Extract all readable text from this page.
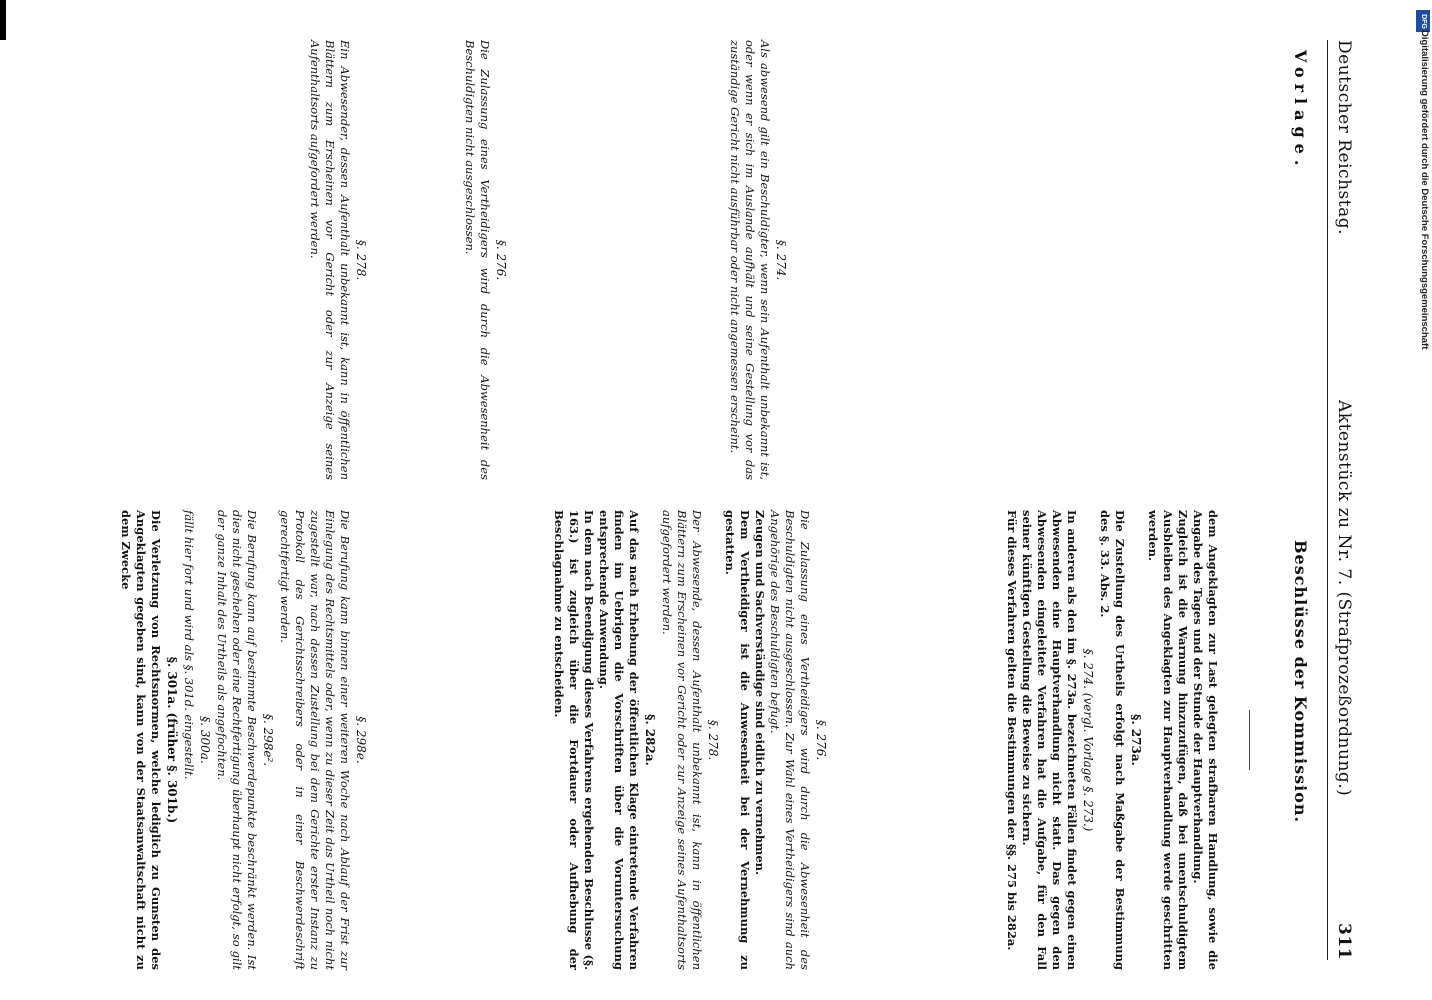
Deutscher Reichstag.
Aktenstück zu Nr. 7. (Strafprozeßordnung.)
311
Vorlage.
Beschlüsse der Kommission.
§. 274.

Als abwesend gilt ein Beschuldigter, wenn sein Aufenthalt unbekannt ist, oder wenn er sich im Auslande aufhält und seine Gestellung vor das zuständige Gericht nicht ausführbar oder nicht angemessen erscheint.

§. 276.

Die Zulassung eines Vertheidigers wird durch die Abwesenheit des Beschuldigten nicht ausgeschlossen.

§. 278.

Ein Abwesender, dessen Aufenthalt unbekannt ist, kann in öffentlichen Blättern zum Erscheinen vor Gericht oder zur Anzeige seines Aufenthaltsorts aufgefordert werden.

dem Angeklagten zur Last gelegten strafbaren Handlung, sowie die Angabe des Tages und der Stunde der Hauptverhandlung.

Zugleich ist die Warnung hinzuzufügen, daß bei unentschuldigtem Ausbleiben des Angeklagten zur Hauptverhandlung werde geschritten werden.

§. 273a.

Die Zustellung des Urtheils erfolgt nach Maßgabe der Bestimmung des §. 33. Abs. 2.

§. 274. (vergl. Vorlage §. 273.)

In anderen als den im §. 273a. bezeichneten Fällen findet gegen einen Abwesenden eine Hauptverhandlung nicht statt. Das gegen den Abwesenden eingeleitete Verfahren hat die Aufgabe, für den Fall seiner künftigen Gestellung die Beweise zu sichern.

Für dieses Verfahren gelten die Bestimmungen der §§. 275 bis 282a.

§. 276.

Die Zulassung eines Vertheidigers wird durch die Abwesenheit des Beschuldigten nicht ausgeschlossen. Zur Wahl eines Vertheidigers sind auch Angehörige des Beschuldigten befugt.

Zeugen und Sachverständige sind eidlich zu vernehmen.

Dem Vertheidiger ist die Anwesenheit bei der Vernehmung zu gestatten.

§. 278.

Der Abwesende, dessen Aufenthalt unbekannt ist, kann in öffentlichen Blättern zum Erscheinen vor Gericht oder zur Anzeige seines Aufenthaltsorts aufgefordert werden.

§. 282a.

Auf das nach Erhebung der öffentlichen Klage eintretende Verfahren finden im Uebrigen die Vorschriften über die Voruntersuchung entsprechende Anwendung.

In dem nach Beendigung dieses Verfahrens ergehenden Beschlusse (§. 163.) ist zugleich über die Fortdauer oder Aufhebung der Beschlagnahme zu entscheiden.

§. 298e.

Die Berufung kann binnen einer weiteren Woche nach Ablauf der Frist zur Einlegung des Rechtsmittels oder, wenn zu dieser Zeit das Urtheil noch nicht zugestellt war, nach dessen Zustellung bei dem Gerichte erster Instanz zu Protokoll des Gerichtsschreibers oder in einer Beschwerdeschrift gerechtfertigt werden.

§. 298e².

Die Berufung kann auf bestimmte Beschwerdepunkte beschränkt werden. Ist dies nicht geschehen oder eine Rechtfertigung überhaupt nicht erfolgt, so gilt der ganze Inhalt des Urtheils als angefochten.

§. 300a.

fällt hier fort und wird als §. 301d. eingestellt.

§. 301a. (früher §. 301b.)

Die Verletzung von Rechtsnormen, welche lediglich zu Gunsten des Angeklagten gegeben sind, kann von der Staatsanwaltschaft nicht zu dem Zwecke

DFG
Digitalisierung gefördert durch die Deutsche Forschungsgemeinschaft
